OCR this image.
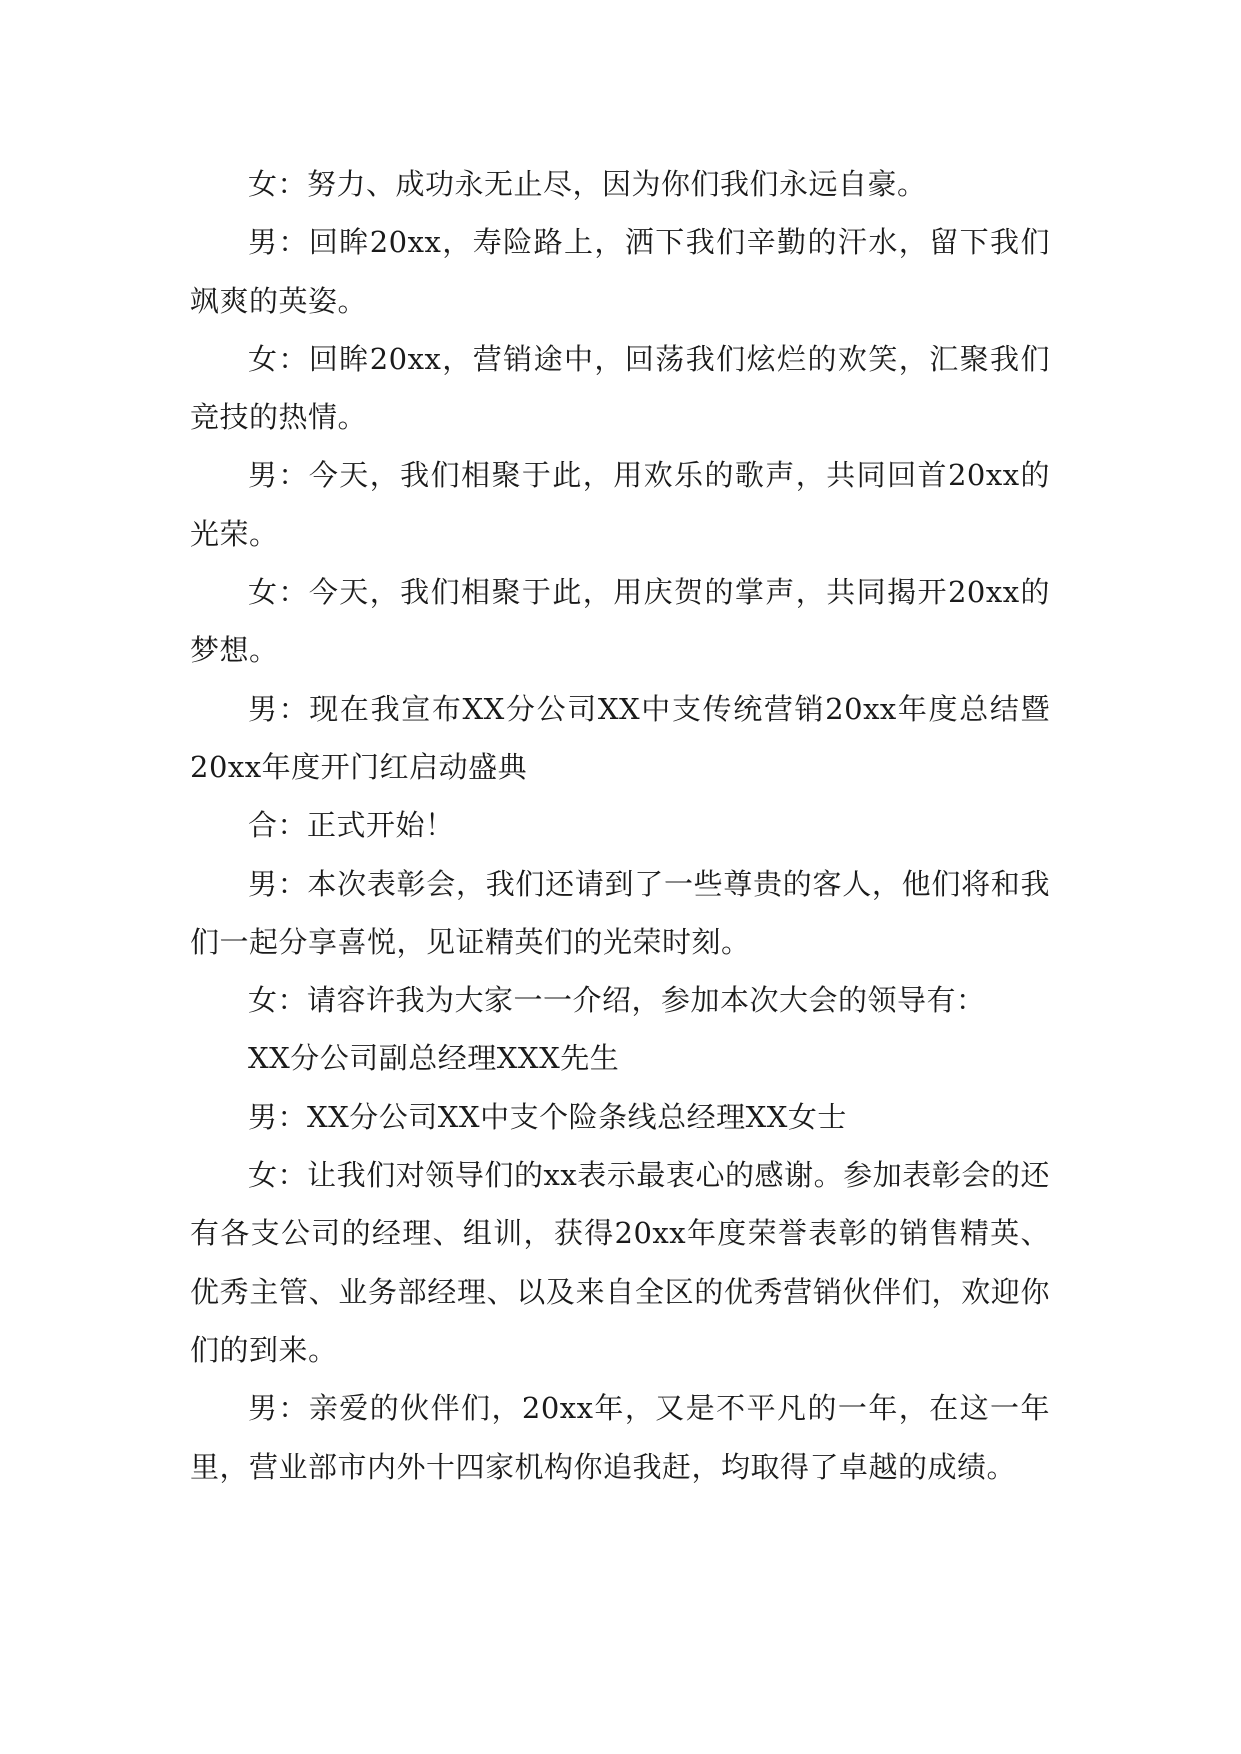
女：努力、成功永无止尽，因为你们我们永远自豪。

男：回眸20xx，寿险路上，洒下我们辛勤的汗水，留下我们飒爽的英姿。

女：回眸20xx，营销途中，回荡我们炫烂的欢笑，汇聚我们竞技的热情。

男：今天，我们相聚于此，用欢乐的歌声，共同回首20xx的光荣。

女：今天，我们相聚于此，用庆贺的掌声，共同揭开20xx的梦想。

男：现在我宣布XX分公司XX中支传统营销20xx年度总结暨20xx年度开门红启动盛典

合：正式开始！

男：本次表彰会，我们还请到了一些尊贵的客人，他们将和我们一起分享喜悦，见证精英们的光荣时刻。

女：请容许我为大家一一介绍，参加本次大会的领导有：

XX分公司副总经理XXX先生

男：XX分公司XX中支个险条线总经理XX女士

女：让我们对领导们的xx表示最衷心的感谢。参加表彰会的还有各支公司的经理、组训，获得20xx年度荣誉表彰的销售精英、优秀主管、业务部经理、以及来自全区的优秀营销伙伴们，欢迎你们的到来。

男：亲爱的伙伴们，20xx年，又是不平凡的一年，在这一年里，营业部市内外十四家机构你追我赶，均取得了卓越的成绩。
